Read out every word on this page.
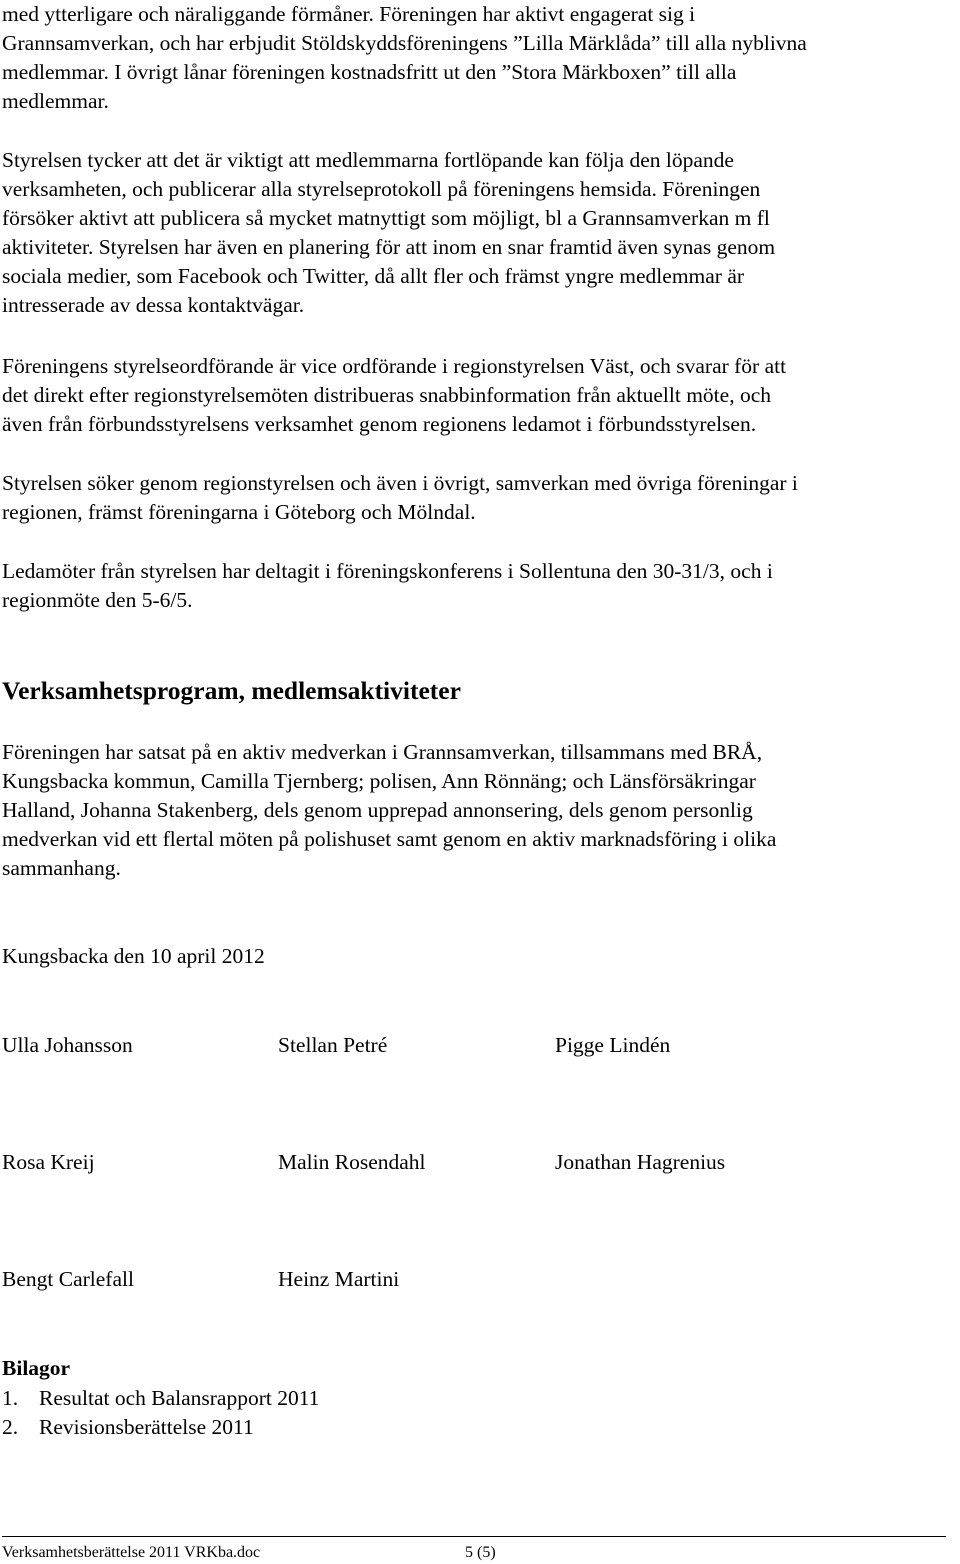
med ytterligare och näraliggande förmåner. Föreningen har aktivt engagerat sig i
Grannsamverkan, och har erbjudit Stöldskyddsföreningens ”Lilla Märklåda” till alla nyblivna
medlemmar. I övrigt lånar föreningen kostnadsfritt ut den ”Stora Märkboxen” till alla
medlemmar.
Styrelsen tycker att det är viktigt att medlemmarna fortlöpande kan följa den löpande
verksamheten, och publicerar alla styrelseprotokoll på föreningens hemsida. Föreningen
försöker aktivt att publicera så mycket matnyttigt som möjligt, bl a Grannsamverkan m fl
aktiviteter. Styrelsen har även en planering för att inom en snar framtid även synas genom
sociala medier, som Facebook och Twitter, då allt fler och främst yngre medlemmar är
intresserade av dessa kontaktvägar.
Föreningens styrelseordförande är vice ordförande i regionstyrelsen Väst, och svarar för att
det direkt efter regionstyrelsemöten distribueras snabbinformation från aktuellt möte, och
även från förbundsstyrelsens verksamhet genom regionens ledamot i förbundsstyrelsen.
Styrelsen söker genom regionstyrelsen och även i övrigt, samverkan med övriga föreningar i
regionen, främst föreningarna i Göteborg och Mölndal.
Ledamöter från styrelsen har deltagit i föreningskonferens i Sollentuna den 30-31/3, och i
regionmöte den 5-6/5.
Verksamhetsprogram, medlemsaktiviteter
Föreningen har satsat på en aktiv medverkan i Grannsamverkan, tillsammans med BRÅ,
Kungsbacka kommun, Camilla Tjernberg; polisen, Ann Rönnäng; och Länsförsäkringar
Halland, Johanna Stakenberg, dels genom upprepad annonsering, dels genom personlig
medverkan vid ett flertal möten på polishuset samt genom en aktiv marknadsföring i olika
sammanhang.
Kungsbacka den 10 april 2012
Ulla Johansson	Stellan Petré	Pigge Lindén
Rosa Kreij	Malin Rosendahl	Jonathan Hagrenius
Bengt Carlefall	Heinz Martini
Bilagor
1. Resultat och Balansrapport 2011
2. Revisionsberättelse 2011
Verksamhetsberättelse 2011 VRKba.doc	5 (5)
